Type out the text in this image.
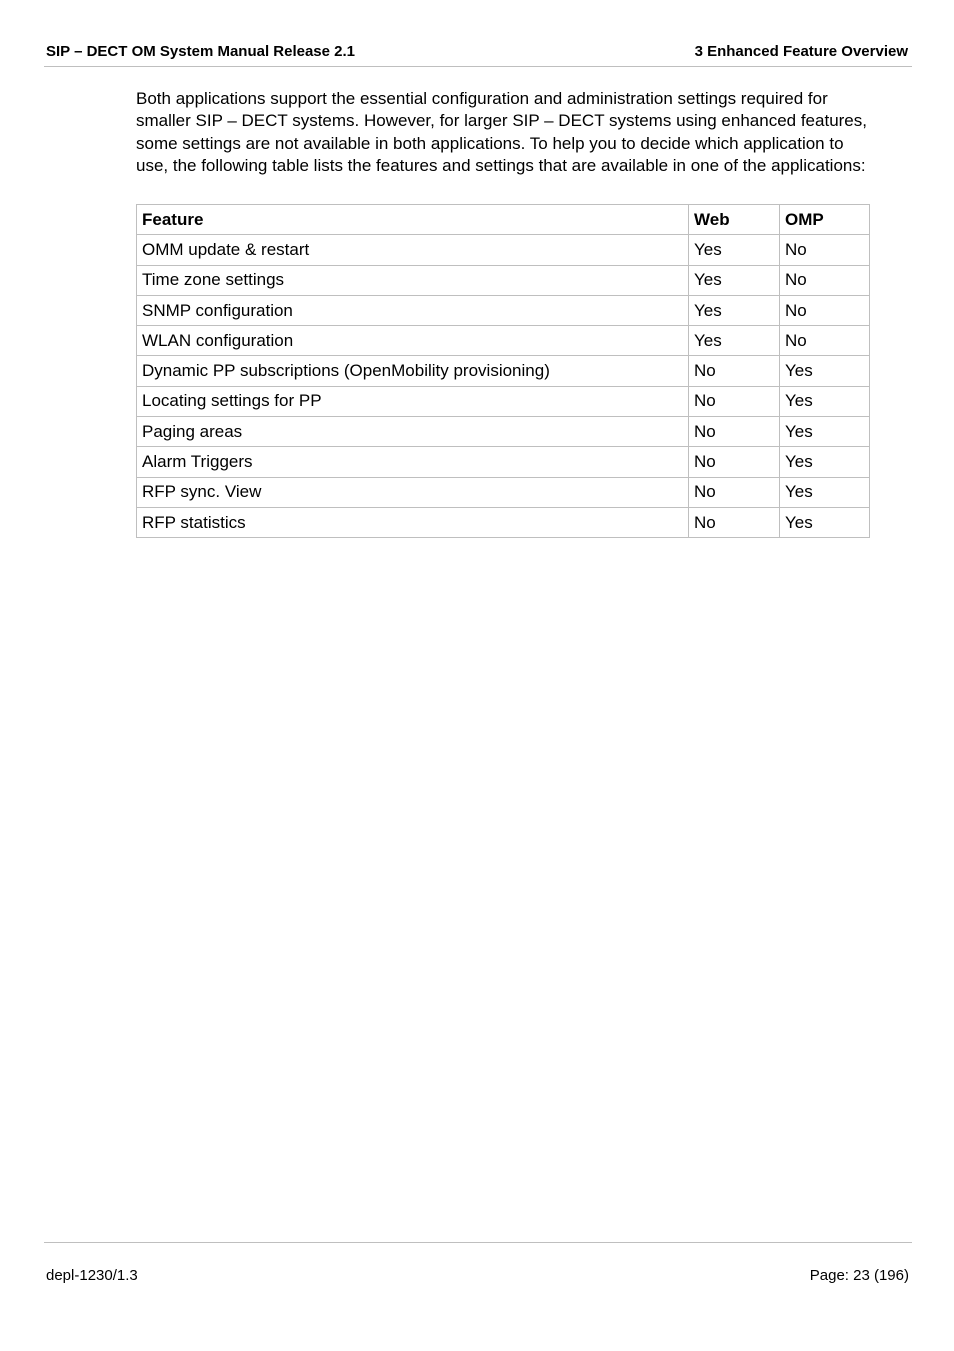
SIP – DECT OM System Manual Release 2.1	3 Enhanced Feature Overview

Both applications support the essential configuration and administration settings required for smaller SIP – DECT systems. However, for larger SIP – DECT systems using enhanced features, some settings are not available in both applications. To help you to decide which application to use, the following table lists the features and settings that are available in one of the applications:

Feature	Web	OMP
OMM update & restart	Yes	No
Time zone settings	Yes	No
SNMP configuration	Yes	No
WLAN configuration	Yes	No
Dynamic PP subscriptions (OpenMobility provisioning)	No	Yes
Locating settings for PP	No	Yes
Paging areas	No	Yes
Alarm Triggers	No	Yes
RFP sync. View	No	Yes
RFP statistics	No	Yes
depl-1230/1.3	Page: 23 (196)
